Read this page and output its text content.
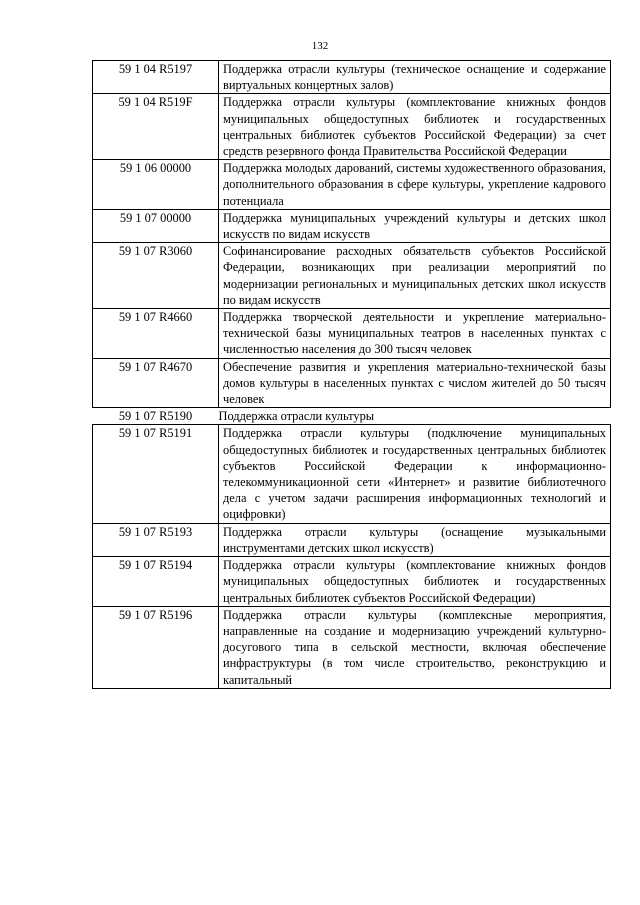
132
59 1 04 R5197	Поддержка отрасли культуры (техническое оснащение и содержание виртуальных концертных залов)
59 1 04 R519F	Поддержка отрасли культуры (комплектование книжных фондов муниципальных общедоступных библиотек и государственных центральных библиотек субъектов Российской Федерации) за счет средств резервного фонда Правительства Российской Федерации
59 1 06 00000	Поддержка молодых дарований, системы художественного образования, дополнительного образования в сфере культуры, укрепление кадрового потенциала
59 1 07 00000	Поддержка муниципальных учреждений культуры и детских школ искусств по видам искусств
59 1 07 R3060	Софинансирование расходных обязательств субъектов Российской Федерации, возникающих при реализации мероприятий по модернизации региональных и муниципальных детских школ искусств по видам искусств
59 1 07 R4660	Поддержка творческой деятельности и укрепление материально-технической базы муниципальных театров в населенных пунктах с численностью населения до 300 тысяч человек
59 1 07 R4670	Обеспечение развития и укрепления материально-технической базы домов культуры в населенных пунктах с числом жителей до 50 тысяч человек
59 1 07 R5190	Поддержка отрасли культуры
59 1 07 R5191	Поддержка отрасли культуры (подключение муниципальных общедоступных библиотек и государственных центральных библиотек субъектов Российской Федерации к информационно-телекоммуникационной сети «Интернет» и развитие библиотечного дела с учетом задачи расширения информационных технологий и оцифровки)
59 1 07 R5193	Поддержка отрасли культуры (оснащение музыкальными инструментами детских школ искусств)
59 1 07 R5194	Поддержка отрасли культуры (комплектование книжных фондов муниципальных общедоступных библиотек и государственных центральных библиотек субъектов Российской Федерации)
59 1 07 R5196	Поддержка отрасли культуры (комплексные мероприятия, направленные на создание и модернизацию учреждений культурно-досугового типа в сельской местности, включая обеспечение инфраструктуры (в том числе строительство, реконструкцию и капитальный
